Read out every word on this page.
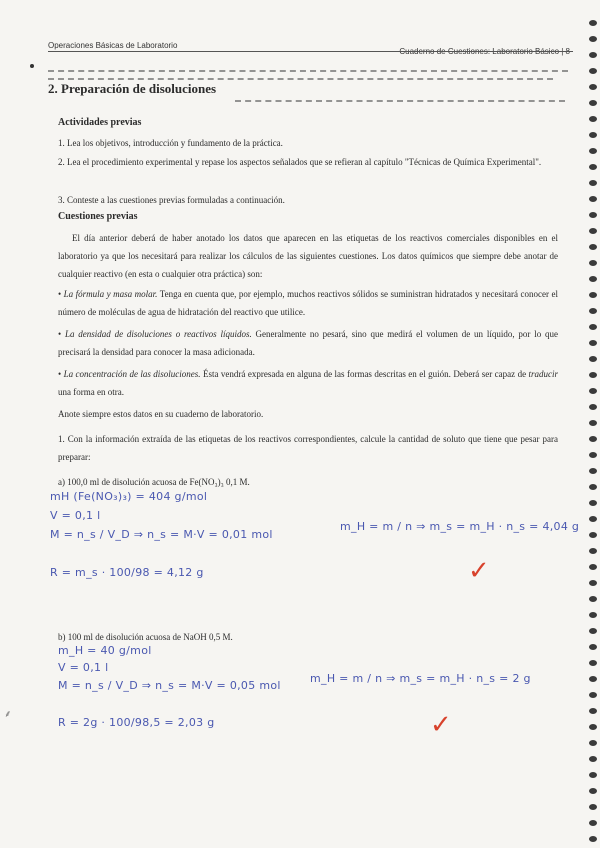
Operaciones Básicas de Laboratorio
Cuaderno de Cuestiones: Laboratorio Básico | 8
2. Preparación de disoluciones
Actividades previas
1. Lea los objetivos, introducción y fundamento de la práctica.
2. Lea el procedimiento experimental y repase los aspectos señalados que se refieran al capítulo "Técnicas de Química Experimental".
3. Conteste a las cuestiones previas formuladas a continuación.
Cuestiones previas
El día anterior deberá de haber anotado los datos que aparecen en las etiquetas de los reactivos comerciales disponibles en el laboratorio ya que los necesitará para realizar los cálculos de las siguientes cuestiones. Los datos químicos que siempre debe anotar de cualquier reactivo (en esta o cualquier otra práctica) son:
• La fórmula y masa molar. Tenga en cuenta que, por ejemplo, muchos reactivos sólidos se suministran hidratados y necesitará conocer el número de moléculas de agua de hidratación del reactivo que utilice.
• La densidad de disoluciones o reactivos líquidos. Generalmente no pesará, sino que medirá el volumen de un líquido, por lo que precisará la densidad para conocer la masa adicionada.
• La concentración de las disoluciones. Ésta vendrá expresada en alguna de las formas descritas en el guión. Deberá ser capaz de traducir una forma en otra.
Anote siempre estos datos en su cuaderno de laboratorio.
1. Con la información extraída de las etiquetas de los reactivos correspondientes, calcule la cantidad de soluto que tiene que pesar para preparar:
a) 100,0 ml de disolución acuosa de Fe(NO₃)₃ 0,1 M.
mH (Fe(NO₃)₃) = 404 g/mol
V = 0,1 l
M = n_s / V_D ⇒ n_s = M·V = 0,01 mol
m_H = m / n ⇒ m_s = m_H · n_s = 4,04 g
R = m_s · 100/98 = 4,12 g	✓
b) 100 ml de disolución acuosa de NaOH 0,5 M.
m_H = 40 g/mol
V = 0,1 l
M = n_s / V_D ⇒ n_s = M·V = 0,05 mol
m_H = m / n ⇒ m_s = m_H · n_s = 2 g
R = 2g · 100/98,5 = 2,03 g	✓
⸙
